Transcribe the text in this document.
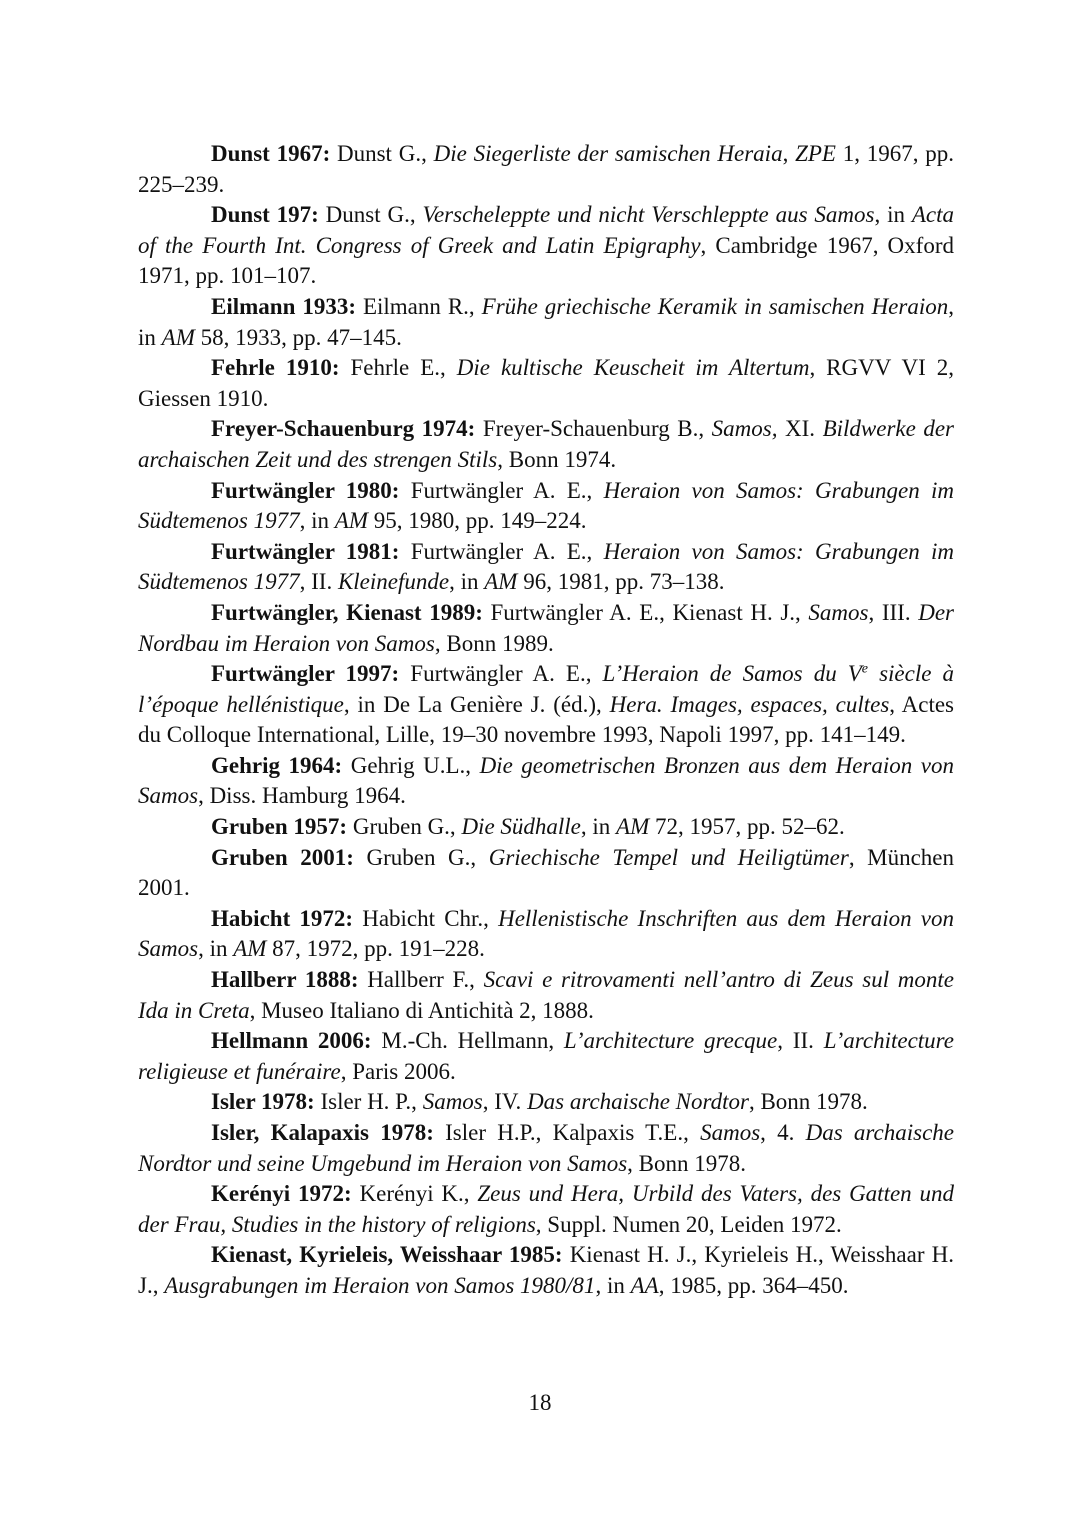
Dunst 1967: Dunst G., Die Siegerliste der samischen Heraia, ZPE 1, 1967, pp. 225–239.

Dunst 197: Dunst G., Verscheleppte und nicht Verschleppte aus Samos, in Acta of the Fourth Int. Congress of Greek and Latin Epigraphy, Cambridge 1967, Oxford 1971, pp. 101–107.

Eilmann 1933: Eilmann R., Frühe griechische Keramik in samischen Heraion, in AM 58, 1933, pp. 47–145.

Fehrle 1910: Fehrle E., Die kultische Keuscheit im Altertum, RGVV VI 2, Giessen 1910.

Freyer-Schauenburg 1974: Freyer-Schauenburg B., Samos, XI. Bildwerke der archaischen Zeit und des strengen Stils, Bonn 1974.

Furtwängler 1980: Furtwängler A. E., Heraion von Samos: Grabungen im Südtemenos 1977, in AM 95, 1980, pp. 149–224.

Furtwängler 1981: Furtwängler A. E., Heraion von Samos: Grabungen im Südtemenos 1977, II. Kleinefunde, in AM 96, 1981, pp. 73–138.

Furtwängler, Kienast 1989: Furtwängler A. E., Kienast H. J., Samos, III. Der Nordbau im Heraion von Samos, Bonn 1989.

Furtwängler 1997: Furtwängler A. E., L’Heraion de Samos du Ve siècle à l’époque hellénistique, in De La Genière J. (éd.), Hera. Images, espaces, cultes, Actes du Colloque International, Lille, 19–30 novembre 1993, Napoli 1997, pp. 141–149.

Gehrig 1964: Gehrig U.L., Die geometrischen Bronzen aus dem Heraion von Samos, Diss. Hamburg 1964.

Gruben 1957: Gruben G., Die Südhalle, in AM 72, 1957, pp. 52–62.

Gruben 2001: Gruben G., Griechische Tempel und Heiligtümer, München 2001.

Habicht 1972: Habicht Chr., Hellenistische Inschriften aus dem Heraion von Samos, in AM 87, 1972, pp. 191–228.

Hallberr 1888: Hallberr F., Scavi e ritrovamenti nell’antro di Zeus sul monte Ida in Creta, Museo Italiano di Antichità 2, 1888.

Hellmann 2006: M.-Ch. Hellmann, L’architecture grecque, II. L’architecture religieuse et funéraire, Paris 2006.

Isler 1978: Isler H. P., Samos, IV. Das archaische Nordtor, Bonn 1978.

Isler, Kalapaxis 1978: Isler H.P., Kalpaxis T.E., Samos, 4. Das archaische Nordtor und seine Umgebund im Heraion von Samos, Bonn 1978.

Kerényi 1972: Kerényi K., Zeus und Hera, Urbild des Vaters, des Gatten und der Frau, Studies in the history of religions, Suppl. Numen 20, Leiden 1972.

Kienast, Kyrieleis, Weisshaar 1985: Kienast H. J., Kyrieleis H., Weisshaar H. J., Ausgrabungen im Heraion von Samos 1980/81, in AA, 1985, pp. 364–450.

18
